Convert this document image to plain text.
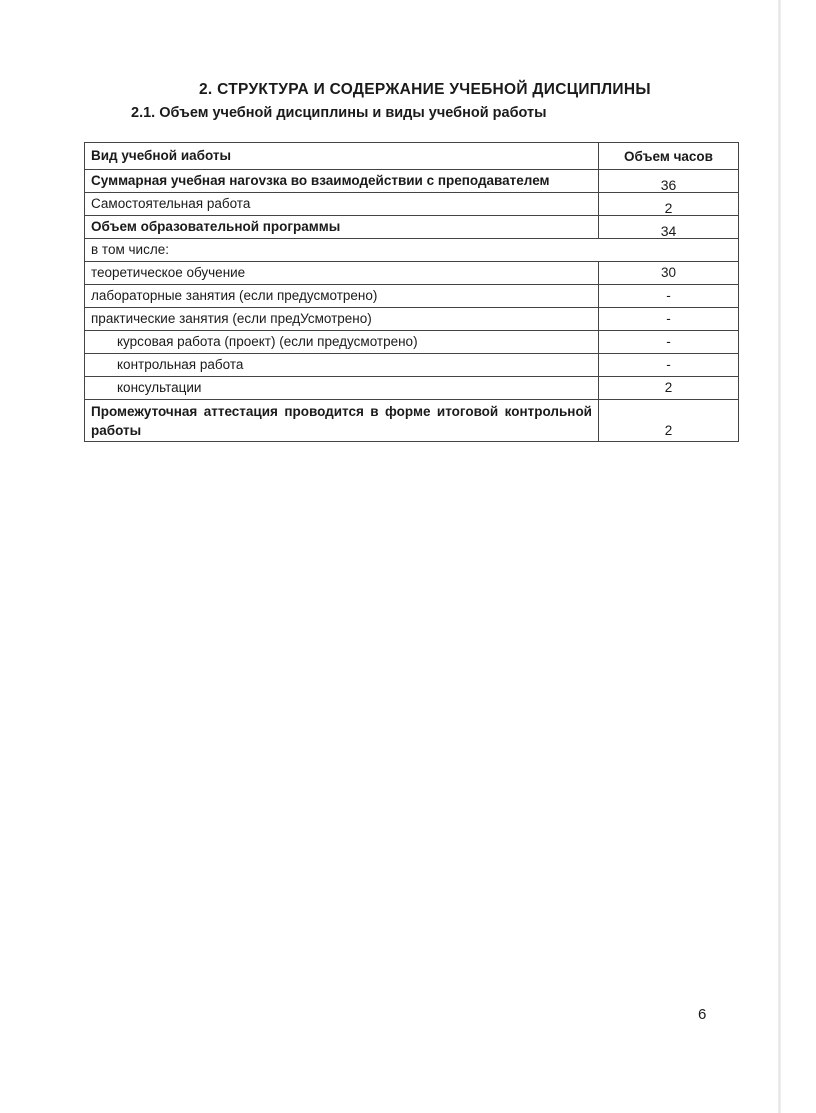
2. СТРУКТУРА И СОДЕРЖАНИЕ УЧЕБНОЙ ДИСЦИПЛИНЫ
2.1. Объем учебной дисциплины и виды учебной работы
Вид учебной иаботы	Объем часов
Суммарная учебная нагоvзка во взаимодействии с преподавателем	36
Самостоятельная работа	2
Объем образовательной программы	34
в том числе:	
теоретическое обучение	30
лабораторные занятия (если предусмотрено)	-
практические занятия (если предУсмотрено)	-
курсовая работа (проект) (если предусмотрено)	-
контрольная работа	-
консультации	2
Промежуточная аттестация проводится в форме итоговой контрольной работы	2
6
